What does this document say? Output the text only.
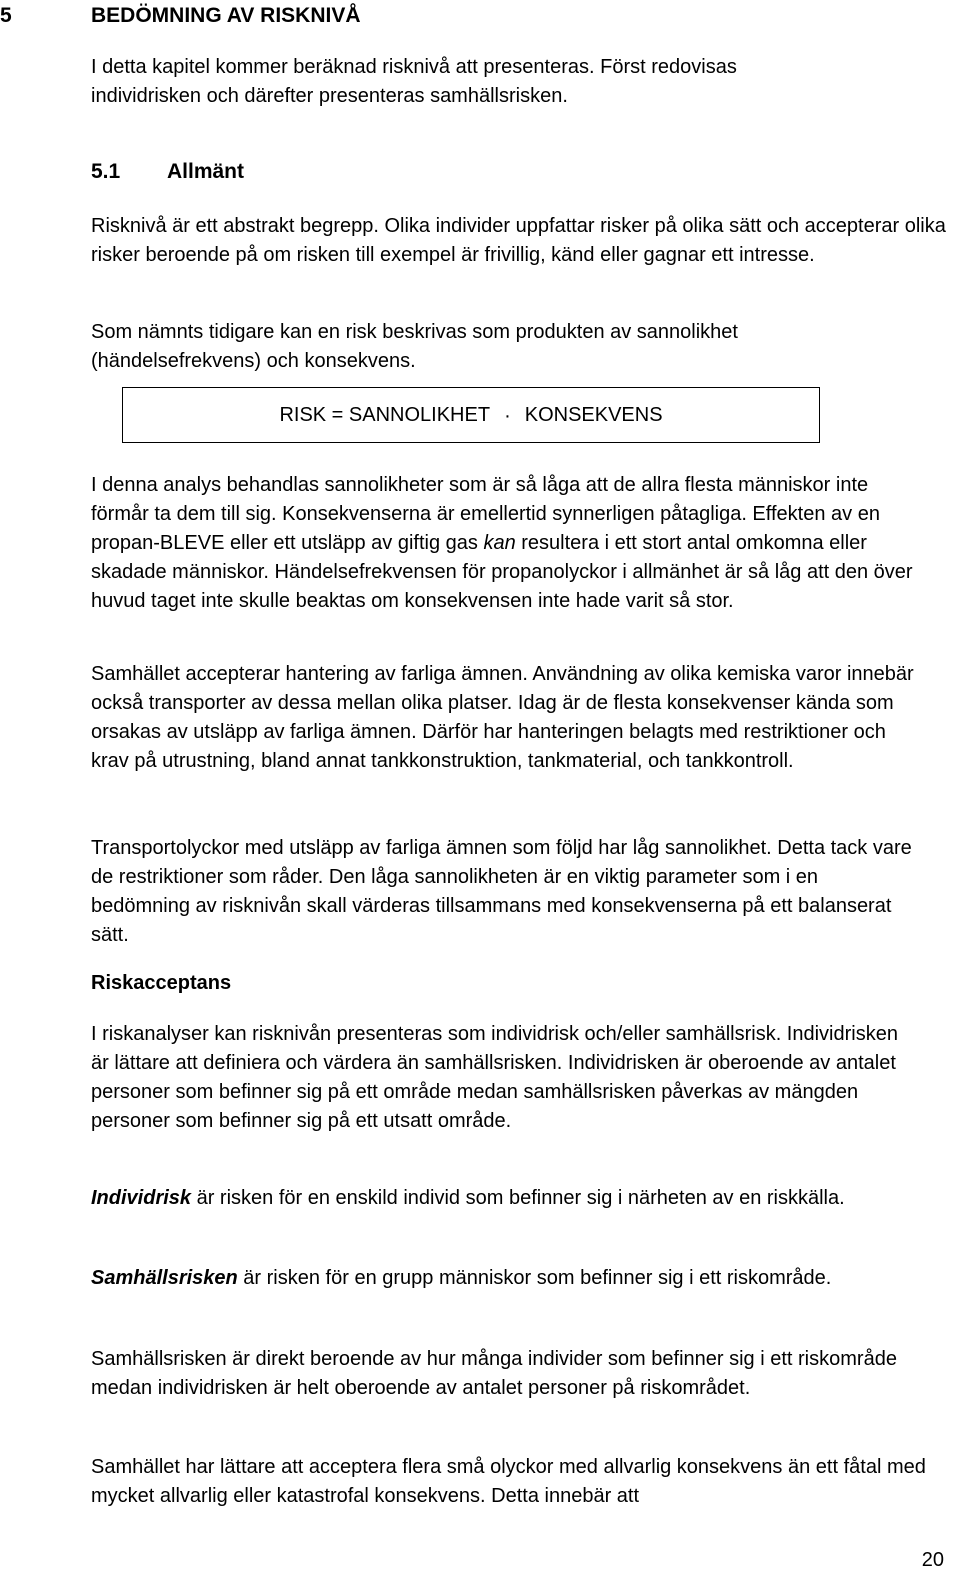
5	BEDÖMNING AV RISKNIVÅ

I detta kapitel kommer beräknad risknivå att presenteras. Först redovisas individrisken och därefter presenteras samhällsrisken.

5.1 Allmänt

Risknivå är ett abstrakt begrepp. Olika individer uppfattar risker på olika sätt och accepterar olika risker beroende på om risken till exempel är frivillig, känd eller gagnar ett intresse.

Som nämnts tidigare kan en risk beskrivas som produkten av sannolikhet (händelsefrekvens) och konsekvens.

RISK = SANNOLIKHET · KONSEKVENS

I denna analys behandlas sannolikheter som är så låga att de allra flesta människor inte förmår ta dem till sig. Konsekvenserna är emellertid synnerligen påtagliga. Effekten av en propan-BLEVE eller ett utsläpp av giftig gas kan resultera i ett stort antal omkomna eller skadade människor. Händelsefrekvensen för propanolyckor i allmänhet är så låg att den över huvud taget inte skulle beaktas om konsekvensen inte hade varit så stor.

Samhället accepterar hantering av farliga ämnen. Användning av olika kemiska varor innebär också transporter av dessa mellan olika platser. Idag är de flesta konsekvenser kända som orsakas av utsläpp av farliga ämnen. Därför har hanteringen belagts med restriktioner och krav på utrustning, bland annat tankkonstruktion, tankmaterial, och tankkontroll.

Transportolyckor med utsläpp av farliga ämnen som följd har låg sannolikhet. Detta tack vare de restriktioner som råder. Den låga sannolikheten är en viktig parameter som i en bedömning av risknivån skall värderas tillsammans med konsekvenserna på ett balanserat sätt.

Riskacceptans

I riskanalyser kan risknivån presenteras som individrisk och/eller samhällsrisk. Individrisken är lättare att definiera och värdera än samhällsrisken. Individrisken är oberoende av antalet personer som befinner sig på ett område medan samhällsrisken påverkas av mängden personer som befinner sig på ett utsatt område.

Individrisk är risken för en enskild individ som befinner sig i närheten av en riskkälla.

Samhällsrisken är risken för en grupp människor som befinner sig i ett riskområde.

Samhällsrisken är direkt beroende av hur många individer som befinner sig i ett riskområde medan individrisken är helt oberoende av antalet personer på riskområdet.

Samhället har lättare att acceptera flera små olyckor med allvarlig konsekvens än ett fåtal med mycket allvarlig eller katastrofal konsekvens. Detta innebär att

20
